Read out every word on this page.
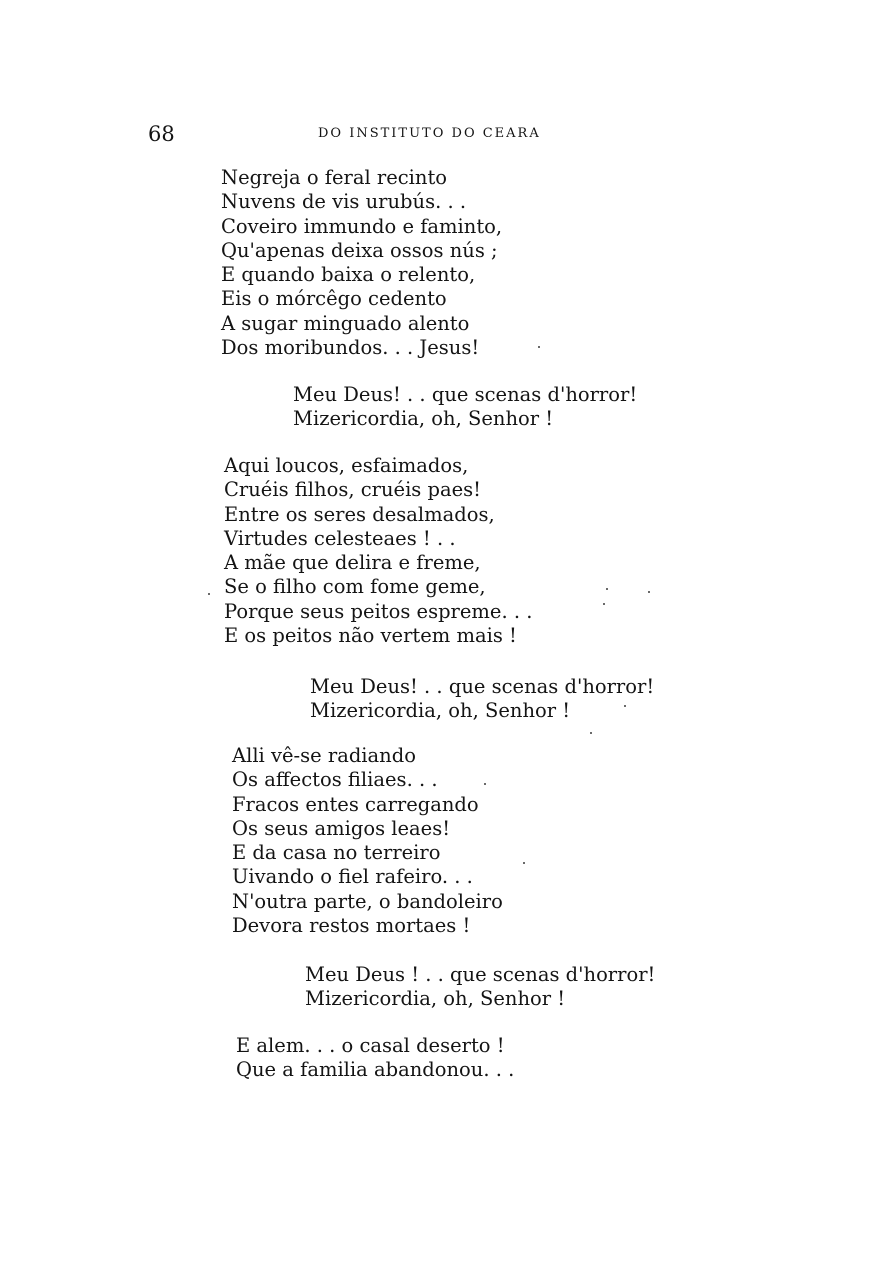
68	DO INSTITUTO DO CEARA

Negreja o feral recinto
Nuvens de vis urubús. . .
Coveiro immundo e faminto,
Qu'apenas deixa ossos nús ;
E quando baixa o relento,
Eis o mórcêgo cedento
A sugar minguado alento
Dos moribundos. . . Jesus!
Meu Deus! . . que scenas d'horror!
Mizericordia, oh, Senhor !
Aqui loucos, esfaimados,
Cruéis filhos, cruéis paes!
Entre os seres desalmados,
Virtudes celesteaes ! . .
A mãe que delira e freme,
Se o filho com fome geme,
Porque seus peitos espreme. . .
E os peitos não vertem mais !
Meu Deus! . . que scenas d'horror!
Mizericordia, oh, Senhor !
Alli vê-se radiando
Os affectos filiaes. . .
Fracos entes carregando
Os seus amigos leaes!
E da casa no terreiro
Uivando o fiel rafeiro. . .
N'outra parte, o bandoleiro
Devora restos mortaes !
Meu Deus ! . . que scenas d'horror!
Mizericordia, oh, Senhor !
E alem. . . o casal deserto !
Que a familia abandonou. . .
